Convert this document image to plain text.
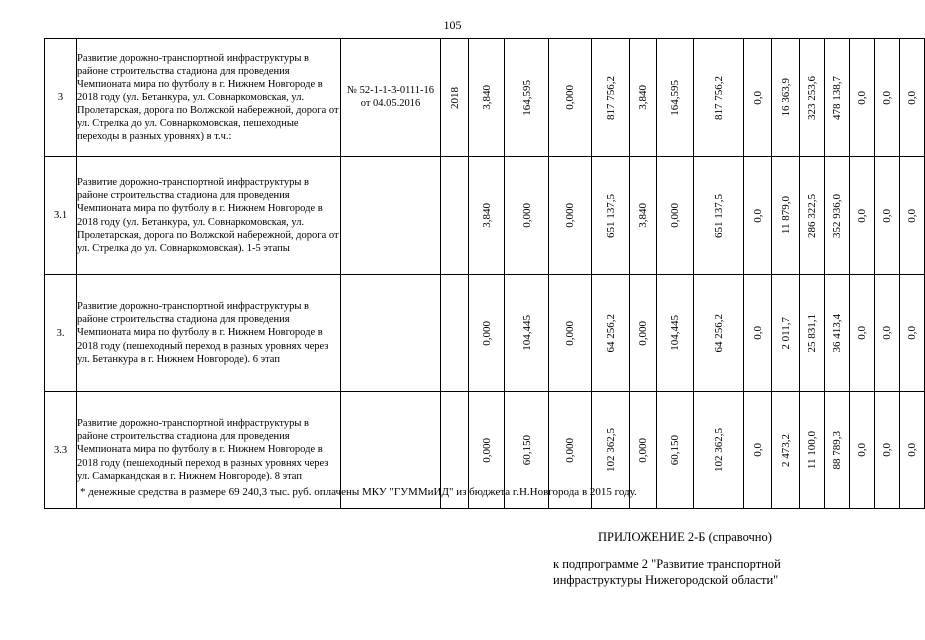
105
3	Развитие дорожно-транспортной инфраструктуры в районе строительства стадиона для проведения Чемпионата мира по футболу в г. Нижнем Новгороде в 2018 году (ул. Бетанкура, ул. Совнаркомовская, ул. Пролетарская, дорога по Волжской набережной, дорога от ул. Стрелка до ул. Совнаркомовская, пешеходные переходы в разных уровнях) в т.ч.:	№ 52-1-1-3-0111-16 от 04.05.2016	2018	3,840	164,595	0,000	817 756,2	3,840	164,595	817 756,2	0,0	16 363,9	323 253,6	478 138,7	0,0	0,0	0,0

3.1	Развитие дорожно-транспортной инфраструктуры в районе строительства стадиона для проведения Чемпионата мира по футболу в г. Нижнем Новгороде в 2018 году (ул. Бетанкура, ул. Совнаркомовская, ул. Пролетарская, дорога по Волжской набережной, дорога от ул. Стрелка до ул. Совнаркомовская). 1-5 этапы			3,840	0,000	0,000	651 137,5	3,840	0,000	651 137,5	0,0	11 879,0	286 322,5	352 936,0	0,0	0,0	0,0

3.	Развитие дорожно-транспортной инфраструктуры в районе строительства стадиона для проведения Чемпионата мира по футболу в г. Нижнем Новгороде в 2018 году (пешеходный переход в разных уровнях через ул. Бетанкура в г. Нижнем Новгороде). 6 этап			0,000	104,445	0,000	64 256,2	0,000	104,445	64 256,2	0,0	2 011,7	25 831,1	36 413,4	0,0	0,0	0,0

3.3	Развитие дорожно-транспортной инфраструктуры в районе строительства стадиона для проведения Чемпионата мира по футболу в г. Нижнем Новгороде в 2018 году (пешеходный переход в разных уровнях через ул. Самаркандская в г. Нижнем Новгороде). 8 этап			0,000	60,150	0,000	102 362,5	0,000	60,150	102 362,5	0,0	2 473,2	11 100,0	88 789,3	0,0	0,0	0,0
* денежные средства в размере 69 240,3 тыс. руб. оплачены МКУ "ГУММиИД" из бюджета г.Н.Новгорода в 2015 году.
ПРИЛОЖЕНИЕ 2-Б (справочно)
к подпрограмме 2 "Развитие транспортной
инфраструктуры Нижегородской области"
